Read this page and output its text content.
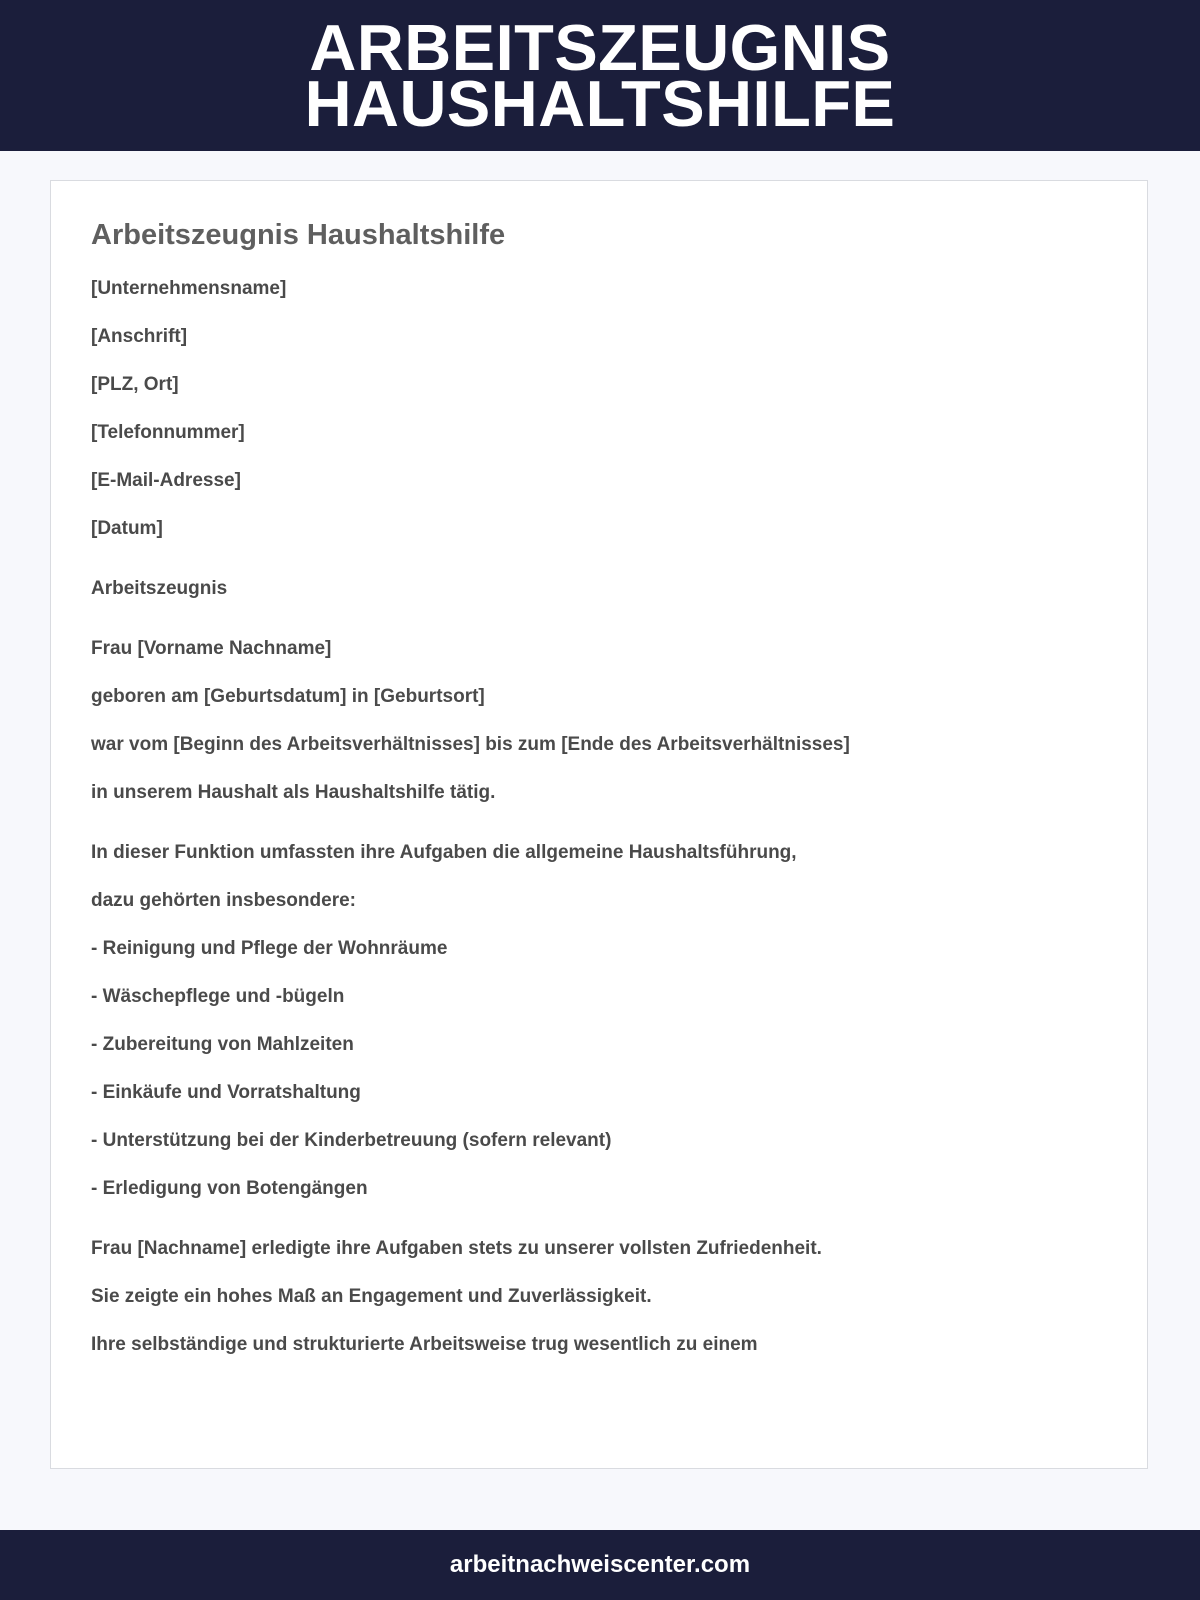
ARBEITSZEUGNIS
HAUSHALTSHILFE
Arbeitszeugnis Haushaltshilfe

[Unternehmensname]

[Anschrift]

[PLZ, Ort]

[Telefonnummer]

[E-Mail-Adresse]

[Datum]

Arbeitszeugnis

Frau [Vorname Nachname]

geboren am [Geburtsdatum] in [Geburtsort]

war vom [Beginn des Arbeitsverhältnisses] bis zum [Ende des Arbeitsverhältnisses]

in unserem Haushalt als Haushaltshilfe tätig.

In dieser Funktion umfassten ihre Aufgaben die allgemeine Haushaltsführung,

dazu gehörten insbesondere:

- Reinigung und Pflege der Wohnräume

- Wäschepflege und -bügeln

- Zubereitung von Mahlzeiten

- Einkäufe und Vorratshaltung

- Unterstützung bei der Kinderbetreuung (sofern relevant)

- Erledigung von Botengängen

Frau [Nachname] erledigte ihre Aufgaben stets zu unserer vollsten Zufriedenheit.

Sie zeigte ein hohes Maß an Engagement und Zuverlässigkeit.

Ihre selbständige und strukturierte Arbeitsweise trug wesentlich zu einem

arbeitnachweiscenter.com
